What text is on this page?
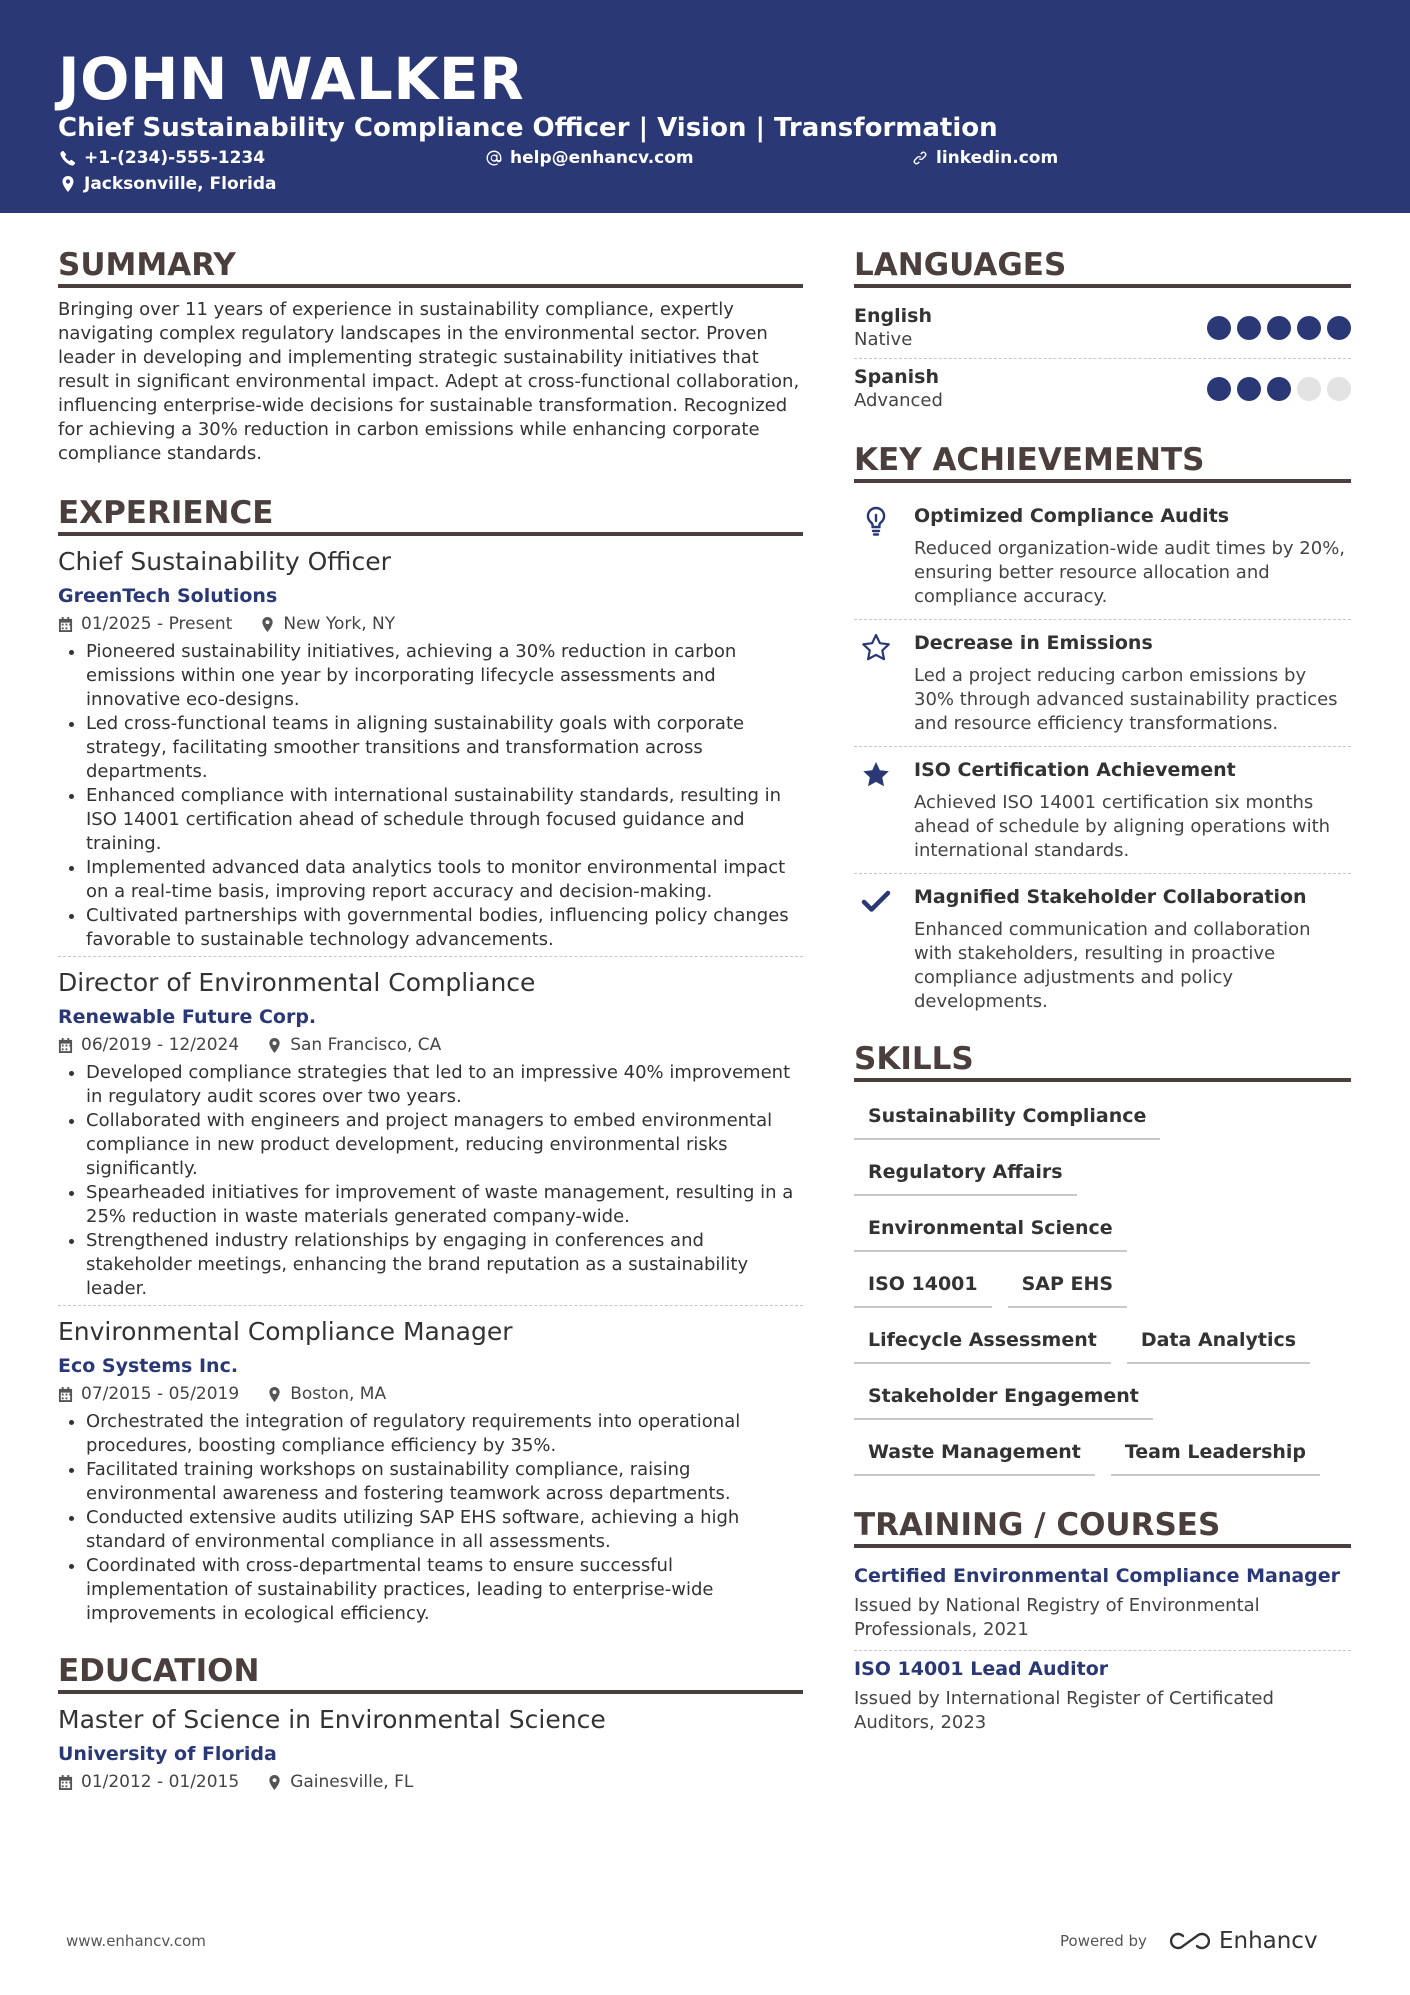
JOHN WALKER
Chief Sustainability Compliance Officer | Vision | Transformation
+1-(234)-555-1234	help@enhancv.com	linkedin.com
Jacksonville, Florida
SUMMARY

Bringing over 11 years of experience in sustainability compliance, expertly navigating complex regulatory landscapes in the environmental sector. Proven leader in developing and implementing strategic sustainability initiatives that result in significant environmental impact. Adept at cross-functional collaboration, influencing enterprise-wide decisions for sustainable transformation. Recognized for achieving a 30% reduction in carbon emissions while enhancing corporate compliance standards.

EXPERIENCE
Chief Sustainability Officer
GreenTech Solutions
01/2025 - Present	New York, NY
• Pioneered sustainability initiatives, achieving a 30% reduction in carbon emissions within one year by incorporating lifecycle assessments and innovative eco-designs.
• Led cross-functional teams in aligning sustainability goals with corporate strategy, facilitating smoother transitions and transformation across departments.
• Enhanced compliance with international sustainability standards, resulting in ISO 14001 certification ahead of schedule through focused guidance and training.
• Implemented advanced data analytics tools to monitor environmental impact on a real-time basis, improving report accuracy and decision-making.
• Cultivated partnerships with governmental bodies, influencing policy changes favorable to sustainable technology advancements.
Director of Environmental Compliance
Renewable Future Corp.
06/2019 - 12/2024	San Francisco, CA
• Developed compliance strategies that led to an impressive 40% improvement in regulatory audit scores over two years.
• Collaborated with engineers and project managers to embed environmental compliance in new product development, reducing environmental risks significantly.
• Spearheaded initiatives for improvement of waste management, resulting in a 25% reduction in waste materials generated company-wide.
• Strengthened industry relationships by engaging in conferences and stakeholder meetings, enhancing the brand reputation as a sustainability leader.
Environmental Compliance Manager
Eco Systems Inc.
07/2015 - 05/2019	Boston, MA
• Orchestrated the integration of regulatory requirements into operational procedures, boosting compliance efficiency by 35%.
• Facilitated training workshops on sustainability compliance, raising environmental awareness and fostering teamwork across departments.
• Conducted extensive audits utilizing SAP EHS software, achieving a high standard of environmental compliance in all assessments.
• Coordinated with cross-departmental teams to ensure successful implementation of sustainability practices, leading to enterprise-wide improvements in ecological efficiency.
EDUCATION
Master of Science in Environmental Science
University of Florida
01/2012 - 01/2015	Gainesville, FL
LANGUAGES
English
Native
Spanish
Advanced
KEY ACHIEVEMENTS
Optimized Compliance Audits
Reduced organization-wide audit times by 20%, ensuring better resource allocation and compliance accuracy.
Decrease in Emissions
Led a project reducing carbon emissions by 30% through advanced sustainability practices and resource efficiency transformations.
ISO Certification Achievement
Achieved ISO 14001 certification six months ahead of schedule by aligning operations with international standards.
Magnified Stakeholder Collaboration
Enhanced communication and collaboration with stakeholders, resulting in proactive compliance adjustments and policy developments.
SKILLS
Sustainability Compliance
Regulatory Affairs
Environmental Science
ISO 14001	SAP EHS
Lifecycle Assessment	Data Analytics
Stakeholder Engagement
Waste Management	Team Leadership
TRAINING / COURSES
Certified Environmental Compliance Manager
Issued by National Registry of Environmental Professionals, 2021
ISO 14001 Lead Auditor
Issued by International Register of Certificated Auditors, 2023
www.enhancv.com	Powered by	Enhancv
